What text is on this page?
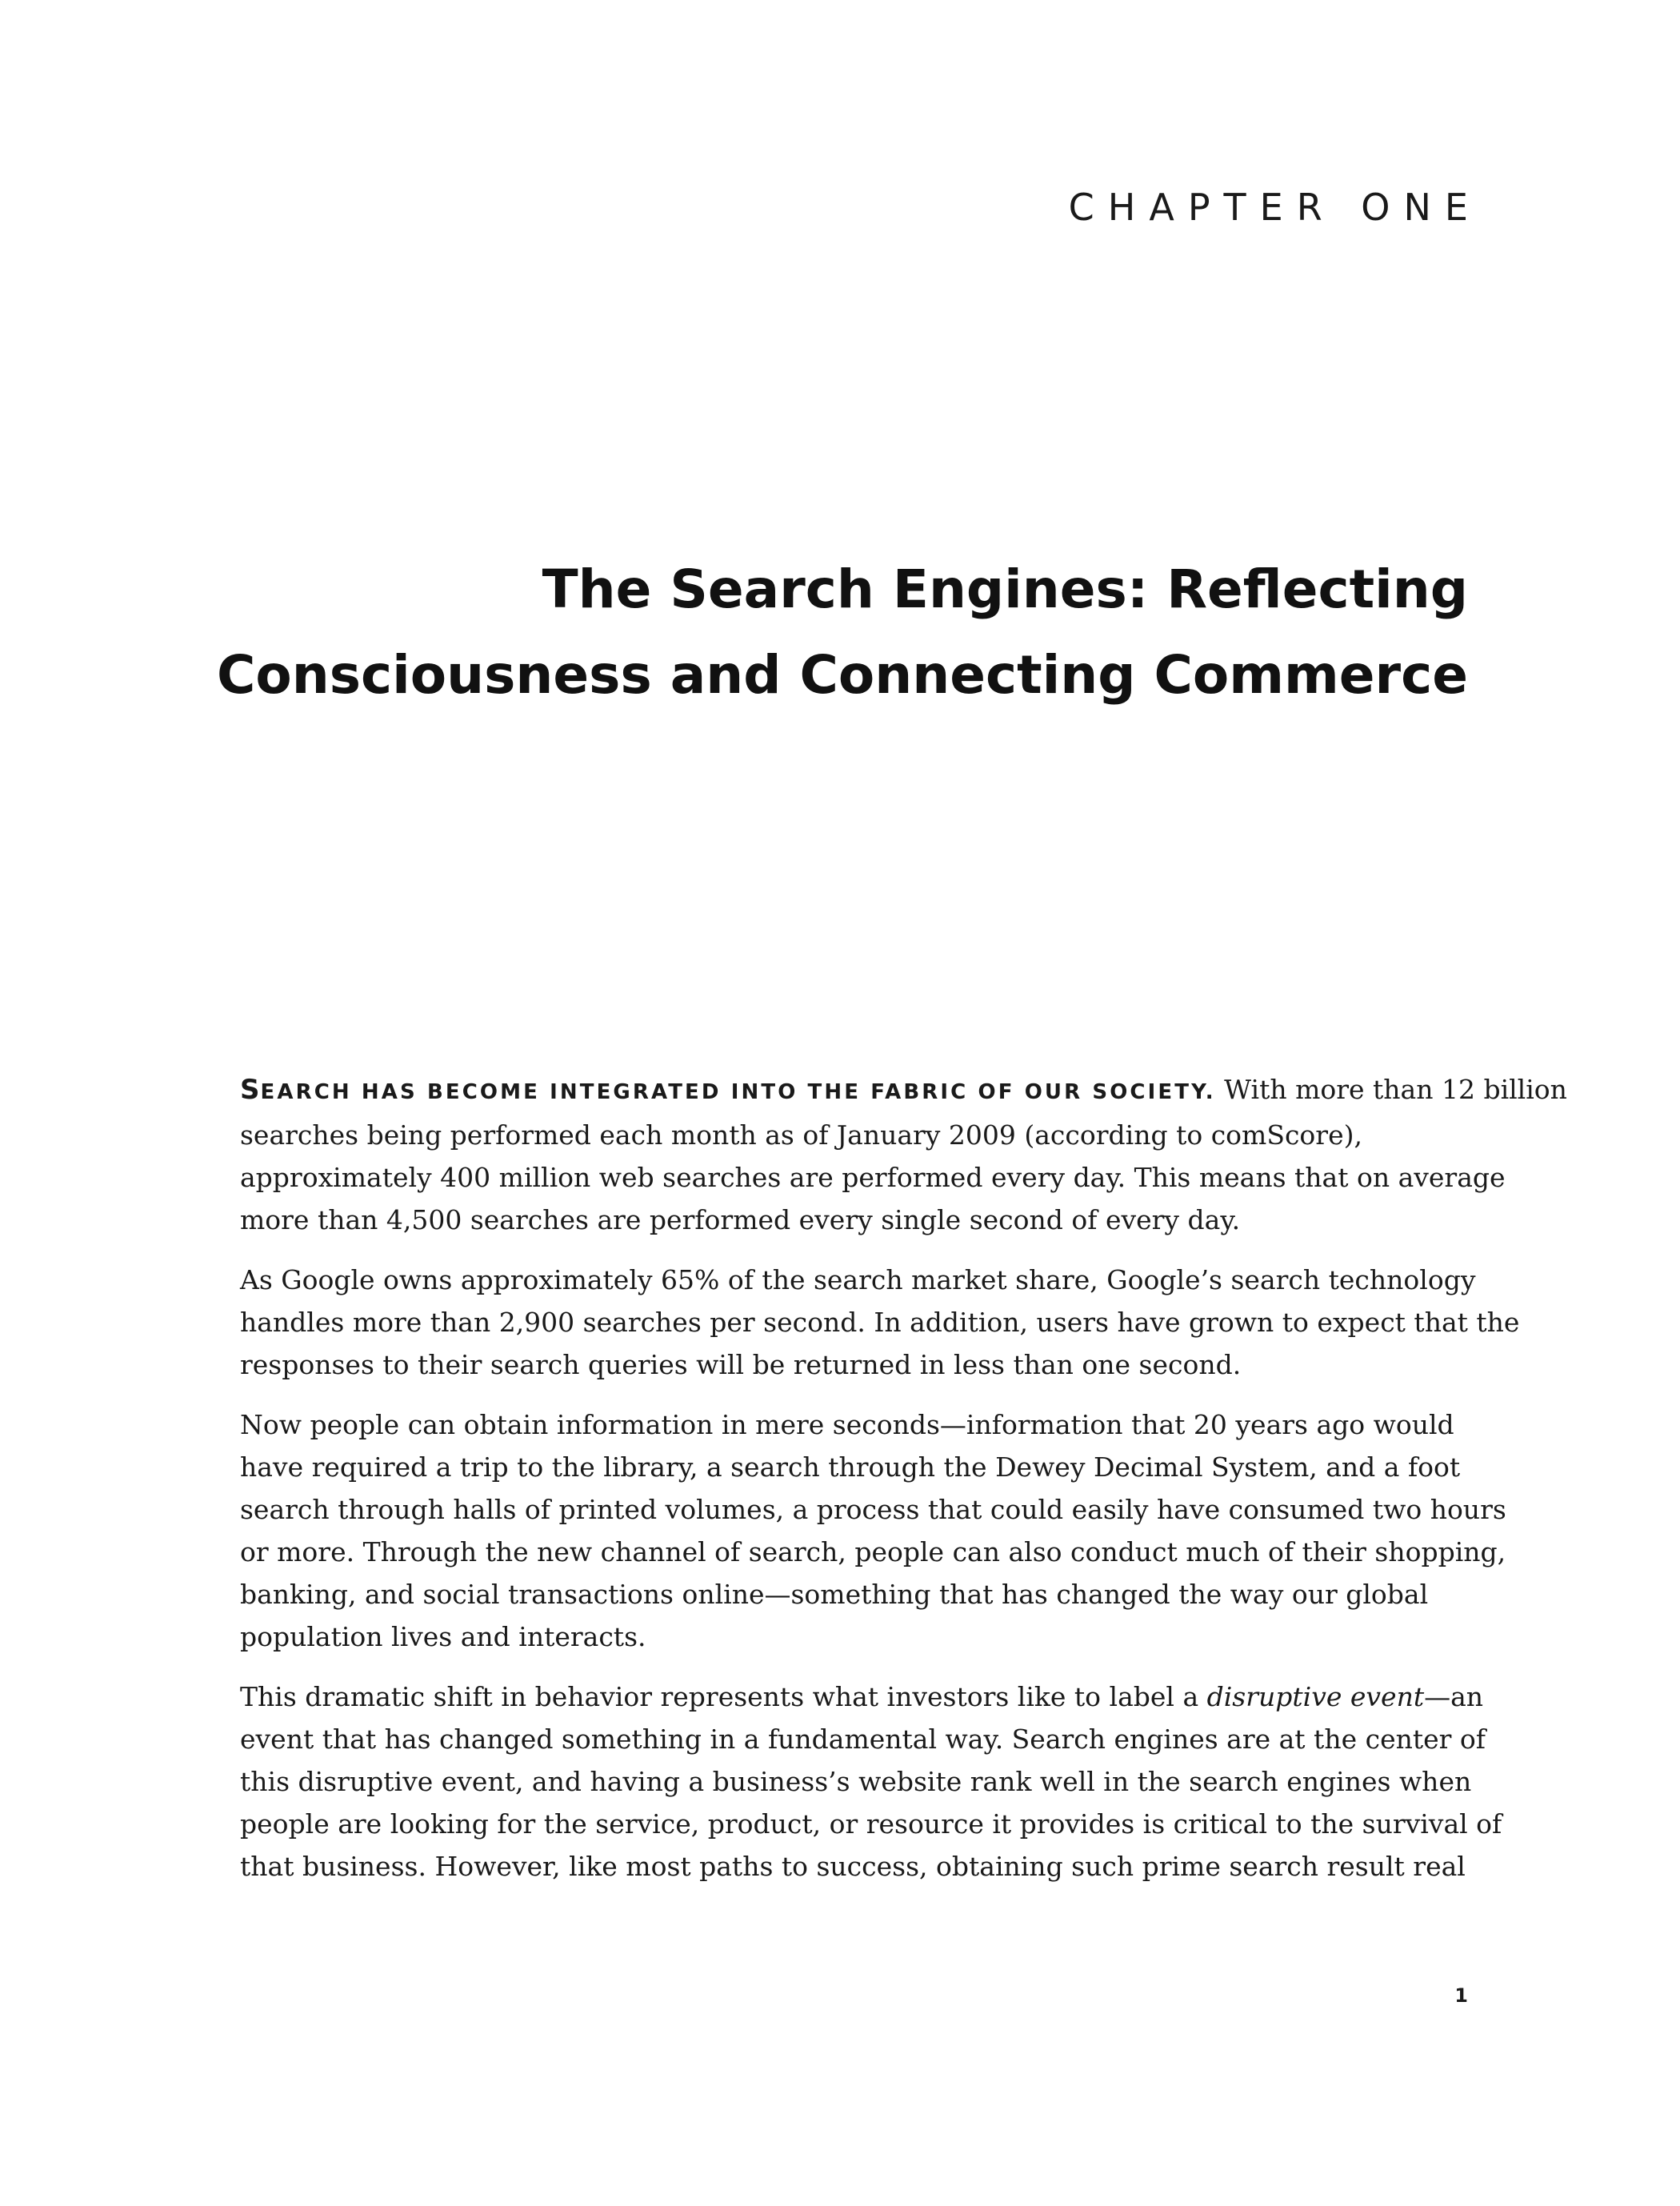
CHAPTER ONE
The Search Engines: Reflecting
Consciousness and Connecting Commerce

SEARCH HAS BECOME INTEGRATED INTO THE FABRIC OF OUR SOCIETY. With more than 12 billion
searches being performed each month as of January 2009 (according to comScore),
approximately 400 million web searches are performed every day. This means that on average
more than 4,500 searches are performed every single second of every day.

As Google owns approximately 65% of the search market share, Google’s search technology
handles more than 2,900 searches per second. In addition, users have grown to expect that the
responses to their search queries will be returned in less than one second.

Now people can obtain information in mere seconds—information that 20 years ago would
have required a trip to the library, a search through the Dewey Decimal System, and a foot
search through halls of printed volumes, a process that could easily have consumed two hours
or more. Through the new channel of search, people can also conduct much of their shopping,
banking, and social transactions online—something that has changed the way our global
population lives and interacts.

This dramatic shift in behavior represents what investors like to label a disruptive event—an
event that has changed something in a fundamental way. Search engines are at the center of
this disruptive event, and having a business’s website rank well in the search engines when
people are looking for the service, product, or resource it provides is critical to the survival of
that business. However, like most paths to success, obtaining such prime search result real

1
